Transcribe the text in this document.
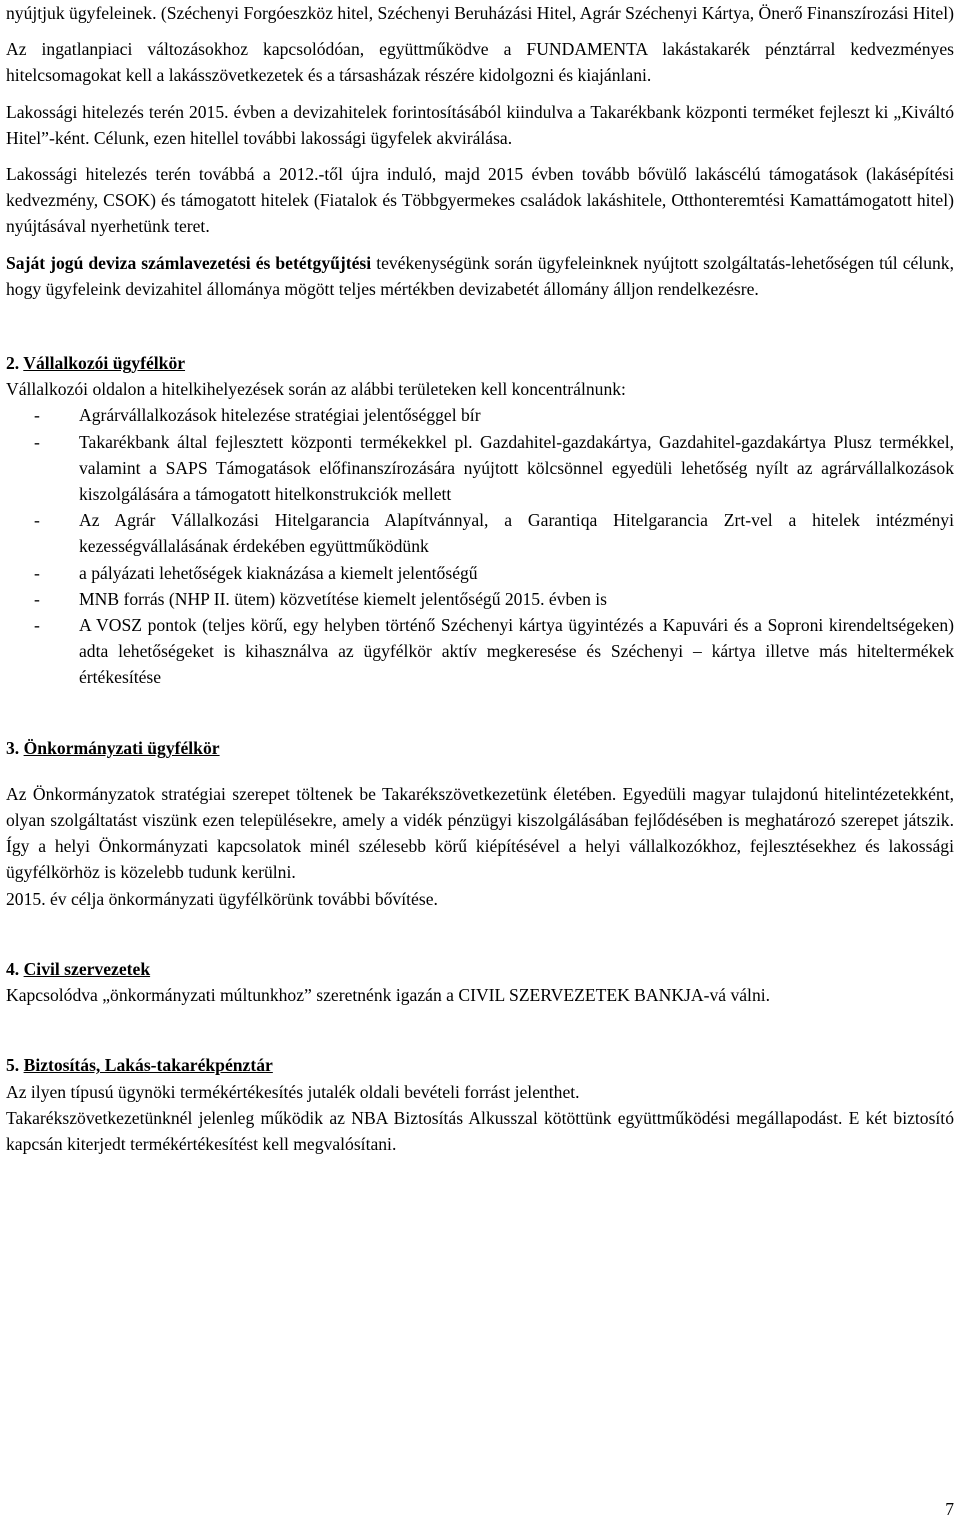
nyújtjuk ügyfeleinek. (Széchenyi Forgóeszköz hitel, Széchenyi Beruházási Hitel, Agrár Széchenyi Kártya, Önerő Finanszírozási Hitel)

Az ingatlanpiaci változásokhoz kapcsolódóan, együttműködve a FUNDAMENTA lakástakarék pénztárral kedvezményes hitelcsomagokat kell a lakásszövetkezetek és a társasházak részére kidolgozni és kiajánlani.

Lakossági hitelezés terén 2015. évben a devizahitelek forintosításából kiindulva a Takarékbank központi terméket fejleszt ki „Kiváltó Hitel”-ként. Célunk, ezen hitellel további lakossági ügyfelek akvirálása.

Lakossági hitelezés terén továbbá a 2012.-től újra induló, majd 2015 évben tovább bővülő lakáscélú támogatások (lakásépítési kedvezmény, CSOK) és támogatott hitelek (Fiatalok és Többgyermekes családok lakáshitele, Otthonteremtési Kamattámogatott hitel) nyújtásával nyerhetünk teret.

Saját jogú deviza számlavezetési és betétgyűjtési tevékenységünk során ügyfeleinknek nyújtott szolgáltatás-lehetőségen túl célunk, hogy ügyfeleink devizahitel állománya mögött teljes mértékben devizabetét állomány álljon rendelkezésre.

2. Vállalkozói ügyfélkör

Vállalkozói oldalon a hitelkihelyezések során az alábbi területeken kell koncentrálnunk:

- Agrárvállalkozások hitelezése stratégiai jelentőséggel bír
- Takarékbank által fejlesztett központi termékekkel pl. Gazdahitel-gazdakártya, Gazdahitel-gazdakártya Plusz termékkel, valamint a SAPS Támogatások előfinanszírozására nyújtott kölcsönnel egyedüli lehetőség nyílt az agrárvállalkozások kiszolgálására a támogatott hitelkonstrukciók mellett
- Az Agrár Vállalkozási Hitelgarancia Alapítvánnyal, a Garantiqa Hitelgarancia Zrt-vel a hitelek intézményi kezességvállalásának érdekében együttműködünk
- a pályázati lehetőségek kiaknázása a kiemelt jelentőségű
- MNB forrás (NHP II. ütem) közvetítése kiemelt jelentőségű 2015. évben is
- A VOSZ pontok (teljes körű, egy helyben történő Széchenyi kártya ügyintézés a Kapuvári és a Soproni kirendeltségeken) adta lehetőségeket is kihasználva az ügyfélkör aktív megkeresése és Széchenyi – kártya illetve más hiteltermékek értékesítése
3. Önkormányzati ügyfélkör

Az Önkormányzatok stratégiai szerepet töltenek be Takarékszövetkezetünk életében. Egyedüli magyar tulajdonú hitelintézetekként, olyan szolgáltatást viszünk ezen településekre, amely a vidék pénzügyi kiszolgálásában fejlődésében is meghatározó szerepet játszik. Így a helyi Önkormányzati kapcsolatok minél szélesebb körű kiépítésével a helyi vállalkozókhoz, fejlesztésekhez és lakossági ügyfélkörhöz is közelebb tudunk kerülni.

2015. év célja önkormányzati ügyfélkörünk további bővítése.

4. Civil szervezetek

Kapcsolódva „önkormányzati múltunkhoz” szeretnénk igazán a CIVIL SZERVEZETEK BANKJA-vá válni.

5. Biztosítás, Lakás-takarékpénztár

Az ilyen típusú ügynöki termékértékesítés jutalék oldali bevételi forrást jelenthet.

Takarékszövetkezetünknél jelenleg működik az NBA Biztosítás Alkusszal kötöttünk együttműködési megállapodást. E két biztosító kapcsán kiterjedt termékértékesítést kell megvalósítani.

7
